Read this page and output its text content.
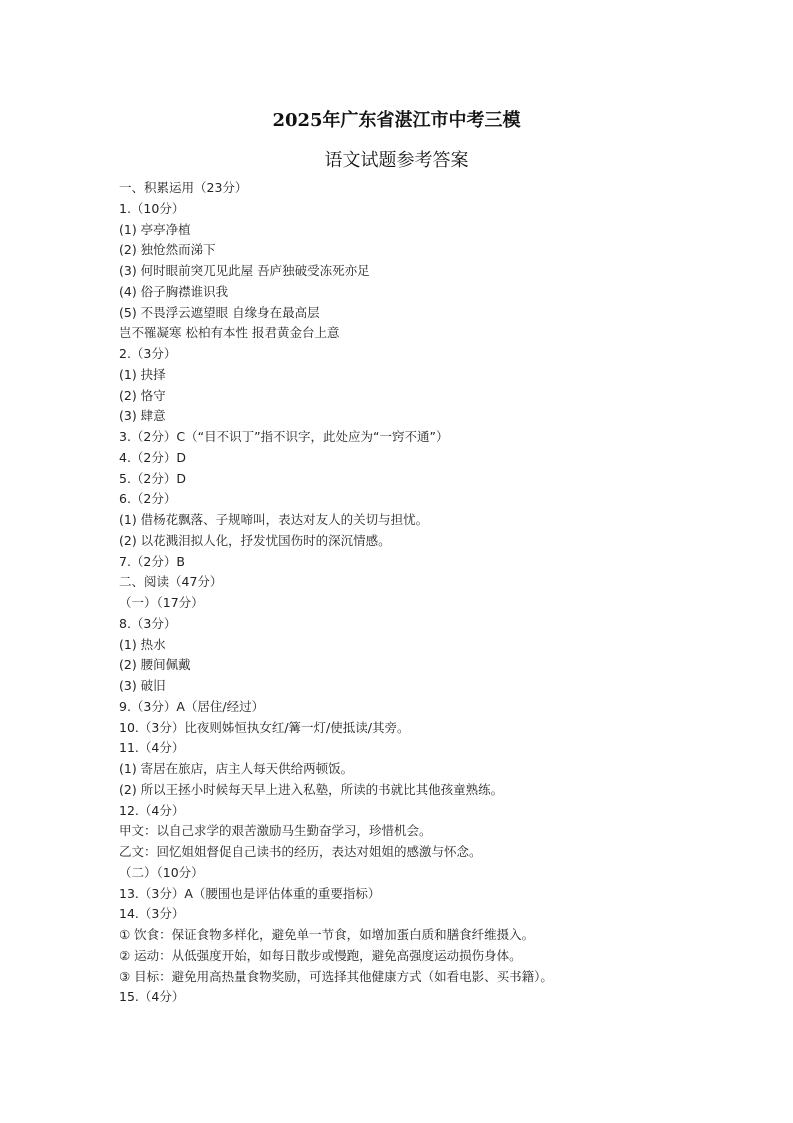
2025年广东省湛江市中考三模
语文试题参考答案
一、积累运用（23分）
1.（10分）
(1) 亭亭净植
(2) 独怆然而涕下
(3) 何时眼前突兀见此屋 吾庐独破受冻死亦足
(4) 俗子胸襟谁识我
(5) 不畏浮云遮望眼 自缘身在最高层
岂不罹凝寒 松柏有本性 报君黄金台上意
2.（3分）
(1) 抉择
(2) 恪守
(3) 肆意
3.（2分）C（“目不识丁”指不识字，此处应为“一窍不通”）
4.（2分）D
5.（2分）D
6.（2分）
(1) 借杨花飘落、子规啼叫，表达对友人的关切与担忧。
(2) 以花溅泪拟人化，抒发忧国伤时的深沉情感。
7.（2分）B
二、阅读（47分）
（一）（17分）
8.（3分）
(1) 热水
(2) 腰间佩戴
(3) 破旧
9.（3分）A（居住/经过）
10.（3分）比夜则姊恒执女红/篝一灯/使抵读/其旁。
11.（4分）
(1) 寄居在旅店，店主人每天供给两顿饭。
(2) 所以王拯小时候每天早上进入私塾，所读的书就比其他孩童熟练。
12.（4分）
甲文：以自己求学的艰苦激励马生勤奋学习，珍惜机会。
乙文：回忆姐姐督促自己读书的经历，表达对姐姐的感激与怀念。
（二）（10分）
13.（3分）A（腰围也是评估体重的重要指标）
14.（3分）
① 饮食：保证食物多样化，避免单一节食，如增加蛋白质和膳食纤维摄入。
② 运动：从低强度开始，如每日散步或慢跑，避免高强度运动损伤身体。
③ 目标：避免用高热量食物奖励，可选择其他健康方式（如看电影、买书籍）。
15.（4分）
